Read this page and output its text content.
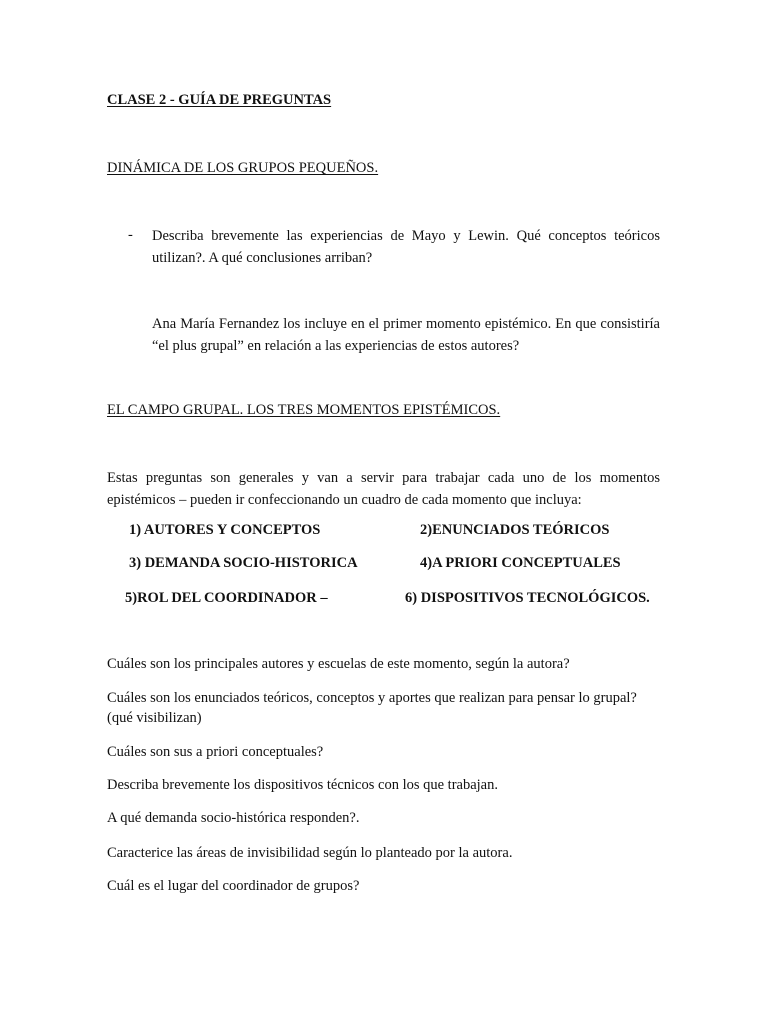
CLASE 2 - GUÍA DE PREGUNTAS
DINÁMICA DE LOS GRUPOS PEQUEÑOS.
- Describa brevemente las experiencias de Mayo y Lewin. Qué conceptos teóricos utilizan?. A qué conclusiones arriban?
Ana María Fernandez los incluye en el primer momento epistémico. En que consistiría “el plus grupal” en relación a las experiencias de estos autores?
EL CAMPO GRUPAL. LOS TRES MOMENTOS EPISTÉMICOS.
Estas preguntas son generales y van a servir para trabajar cada uno de los momentos epistémicos – pueden ir confeccionando un cuadro de cada momento que incluya:
1) AUTORES Y CONCEPTOS	2)ENUNCIADOS TEÓRICOS
3) DEMANDA SOCIO-HISTORICA	4)A PRIORI CONCEPTUALES
5)ROL DEL COORDINADOR –	6) DISPOSITIVOS TECNOLÓGICOS.
Cuáles son los principales autores y escuelas de este momento, según la autora?
Cuáles son los enunciados teóricos, conceptos y aportes que realizan para pensar lo grupal?
(qué visibilizan)
Cuáles son sus a priori conceptuales?
Describa brevemente los dispositivos técnicos con los que trabajan.
A qué demanda socio-histórica responden?.
Caracterice las áreas de invisibilidad según lo planteado por la autora.
Cuál es el lugar del coordinador de grupos?
